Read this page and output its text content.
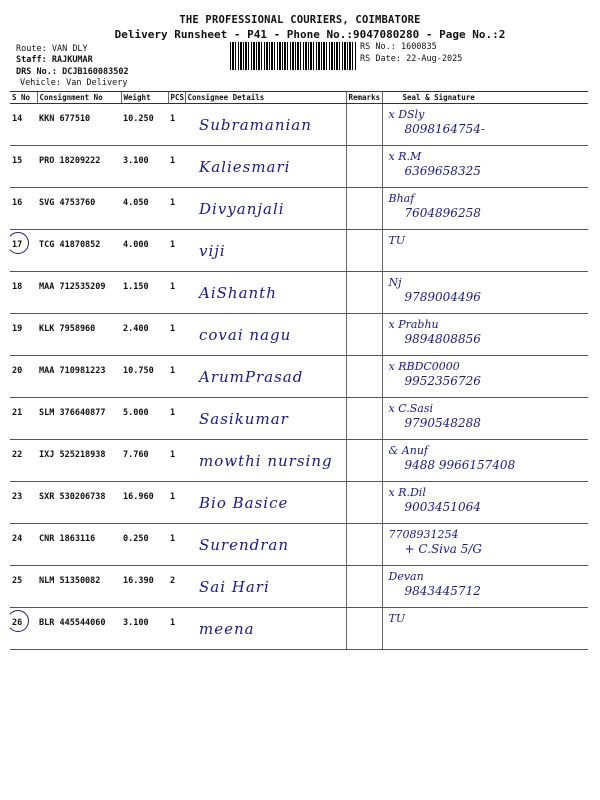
THE PROFESSIONAL COURIERS, COIMBATORE
Delivery Runsheet - P41 - Phone No.:9047080280 - Page No.:2
Route: VAN DLY
Staff: RAJKUMAR
DRS No.: DCJB160083502
Vehicle: Van Delivery
RS No.: 1600835
RS Date: 22-Aug-2025
S No	Consignment No	Weight	PCS	Consignee Details	Remarks	Seal & Signature
14	KKN 677510	10.250	1	Subramanian		x DSly
8098164754-

15	PRO 18209222	3.100	1	Kaliesmari		x R.M
6369658325

16	SVG 4753760	4.050	1	Divyanjali		Bhaf
7604896258

17	TCG 41870852	4.000	1	viji		TU

18	MAA 712535209	1.150	1	AiShanth		Nj
9789004496

19	KLK 7958960	2.400	1	covai nagu		x Prabhu
9894808856

20	MAA 710981223	10.750	1	ArumPrasad		x RBDC0000
9952356726

21	SLM 376640877	5.000	1	Sasikumar		x C.Sasi
9790548288

22	IXJ 525218938	7.760	1	mowthi nursing		& Anuf
9488 9966157408

23	SXR 530206738	16.960	1	Bio Basice		x R.Dil
9003451064

24	CNR 1863116	0.250	1	Surendran		7708931254
+ C.Siva 5/G

25	NLM 51350082	16.390	2	Sai Hari		Devan
9843445712

26	BLR 445544060	3.100	1	meena		TU
